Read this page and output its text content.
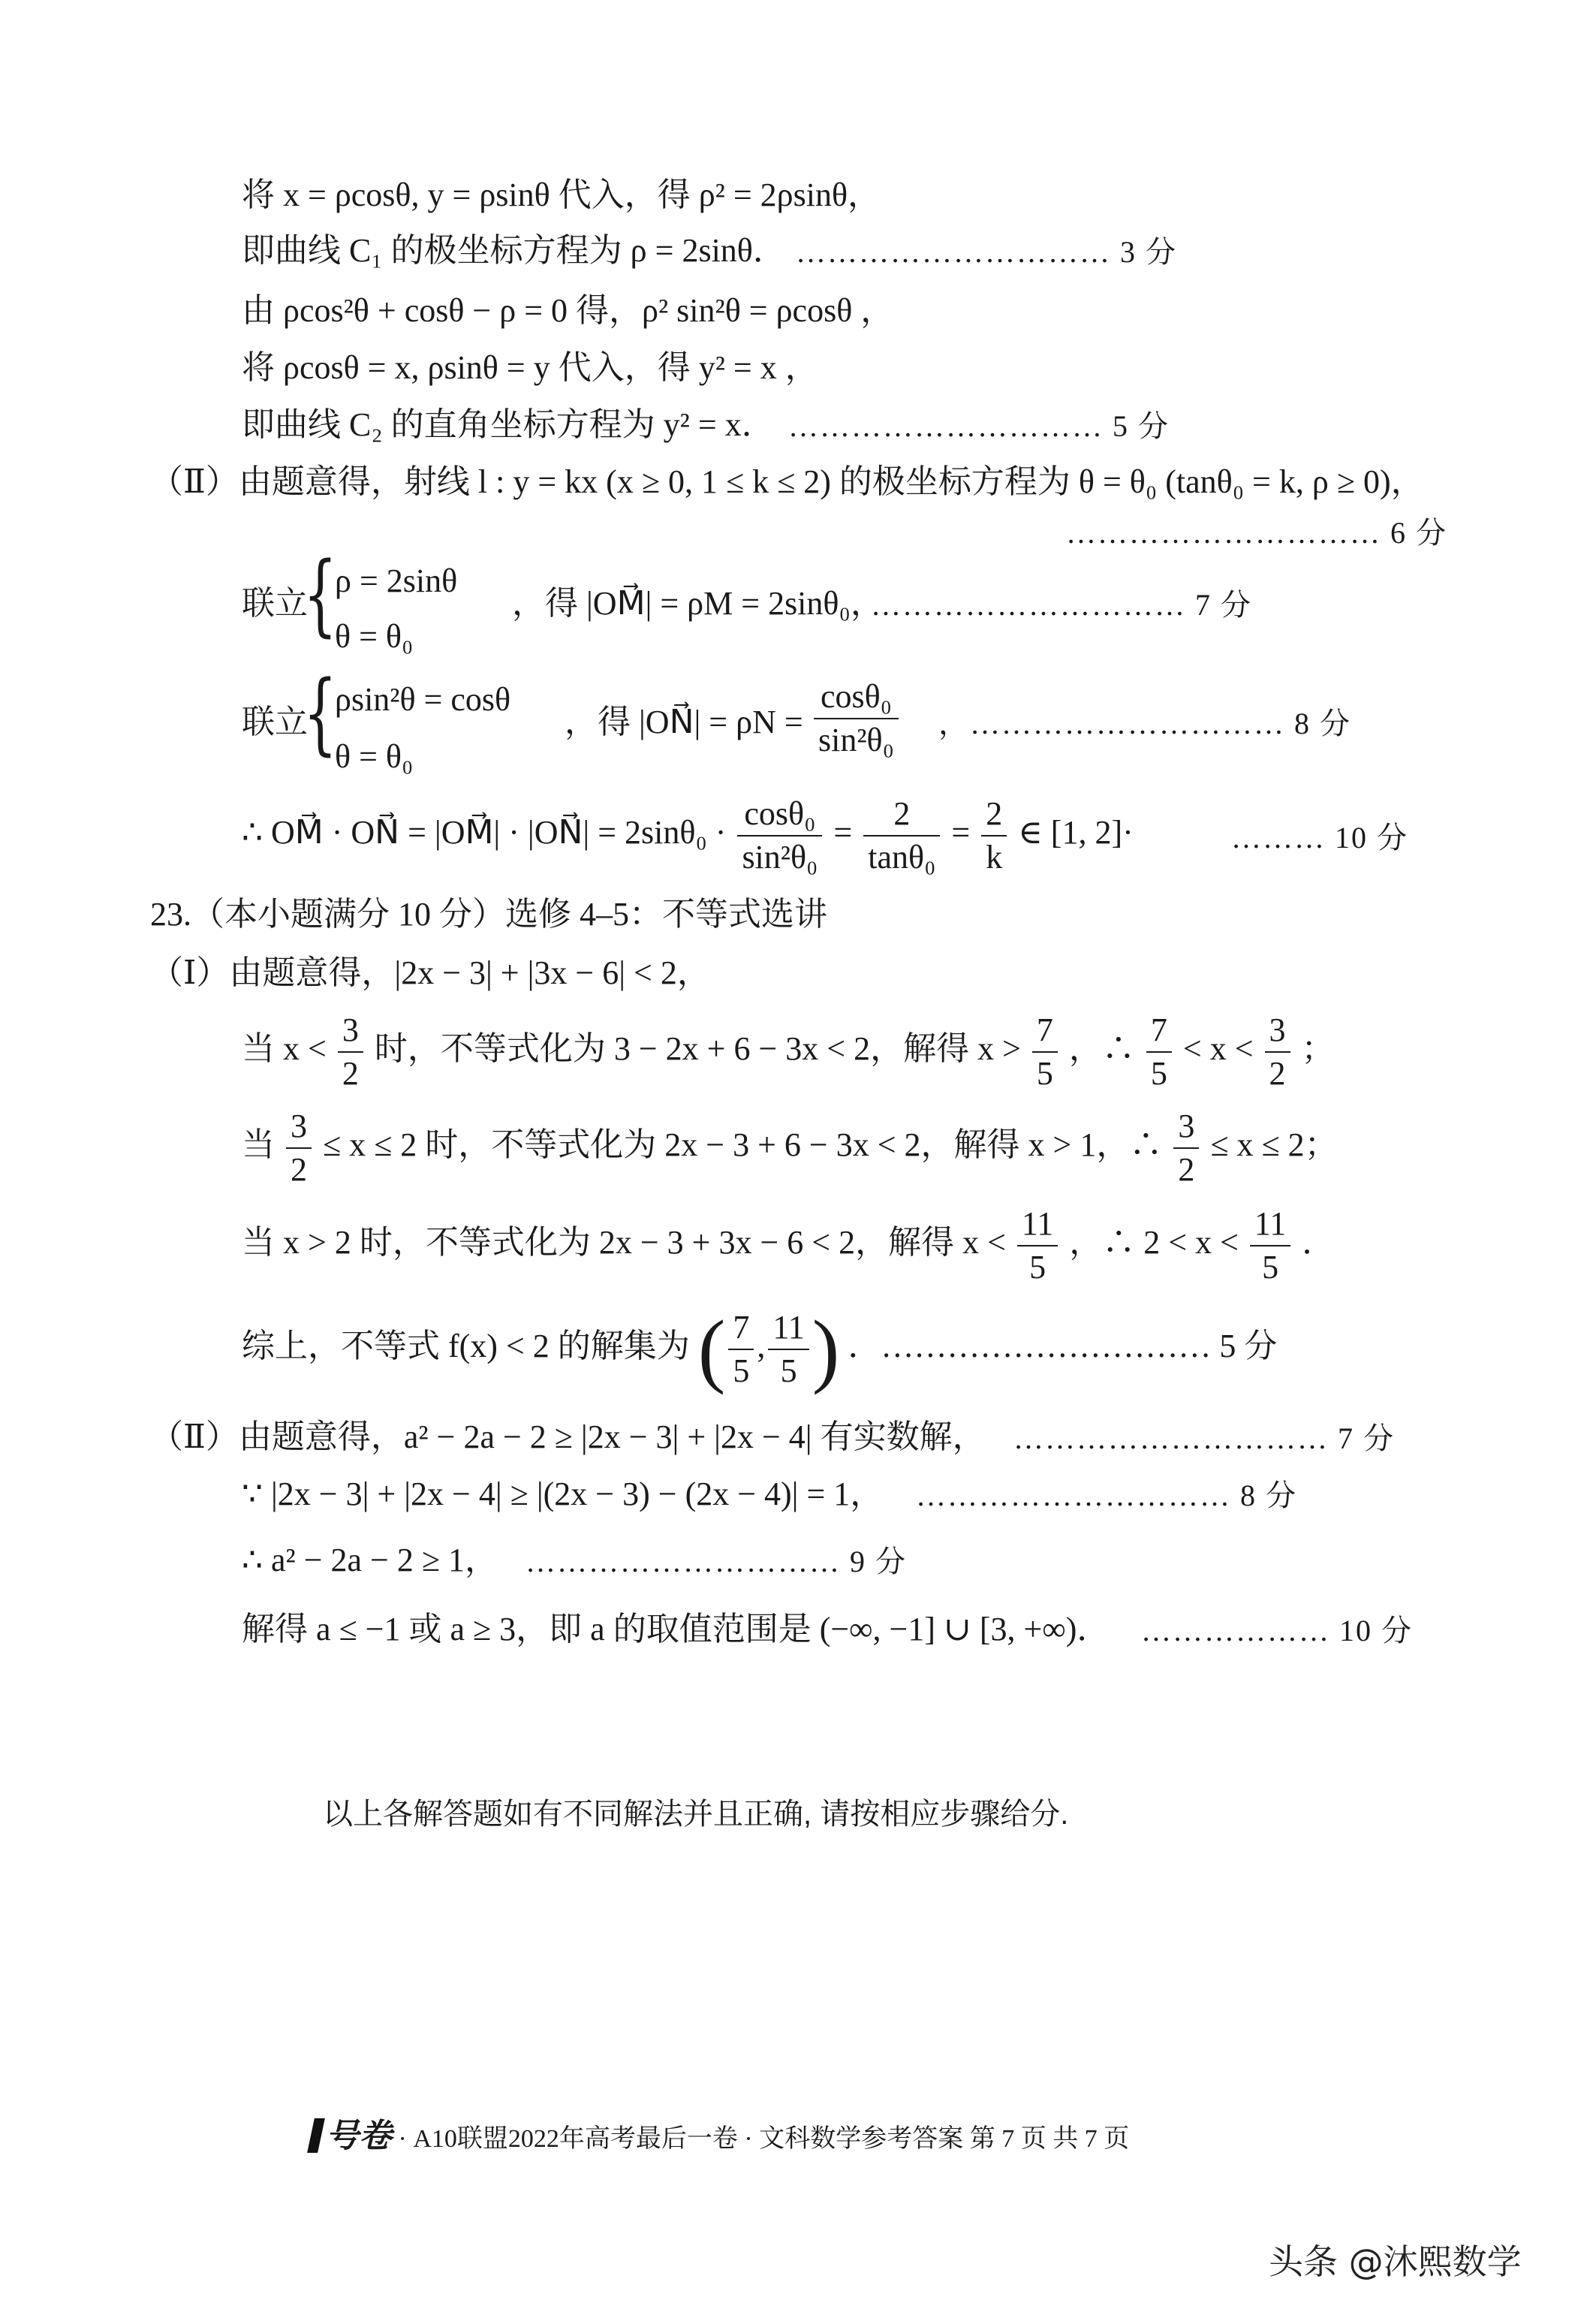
将 x = ρcosθ, y = ρsinθ 代入，得 ρ² = 2ρsinθ，
即曲线 C₁ 的极坐标方程为 ρ = 2sinθ． ………………………… 3 分
由 ρcos²θ + cosθ − ρ = 0 得，ρ² sin²θ = ρcosθ ，
将 ρcosθ = x, ρsinθ = y 代入，得 y² = x ，
即曲线 C₂ 的直角坐标方程为 y² = x． ………………………… 5 分
（Ⅱ）由题意得，射线 l : y = kx (x ≥ 0, 1 ≤ k ≤ 2) 的极坐标方程为 θ = θ₀ (tanθ₀ = k, ρ ≥ 0)，
………………………… 6 分
联立
{
ρ = 2sinθ
θ = θ₀
，得 |OM⃗| = ρM = 2sinθ₀，
………………………… 7 分
联立
{
ρsin²θ = cosθ
θ = θ₀
，得 |ON⃗| = $\rho N = \frac{\text{cosθ₀}}{\text{sin²θ₀}}$ ，………………………… 8 分
∴ OM⃗ · ON⃗ = |OM⃗| · |ON⃗| = $2\sin\theta_0 \cdot \frac{\text{cosθ₀}}{\text{sin²θ₀}} = \frac{2}{\text{tanθ₀}} = \frac{2}{k}$ ∈ [1, 2]·	……… 10 分
23.（本小题满分 10 分）选修 4–5：不等式选讲
（Ⅰ）由题意得，|2x − 3| + |3x − 6| < 2，
当 $x < \frac{3}{2}$ 时，不等式化为 3 − 2x + 6 − 3x < 2，解得 $x > \frac{7}{5}$ ，∴ $\frac{7}{5} < x < \frac{3}{2}$ ；
当 $\frac{3}{2} \le x \le 2$ 时，不等式化为 2x − 3 + 6 − 3x < 2，解得 x > 1，∴ $\frac{3}{2} \le x \le 2$；
当 x > 2 时，不等式化为 2x − 3 + 3x − 6 < 2，解得 $x < \frac{11}{5}$ ，∴ $2 < x < \frac{11}{5}$ ．
综上，不等式 f(x) < 2 的解集为 ( $\frac{7}{5}$ , $\frac{11}{5}$ ) ．………………………… 5 分
（Ⅱ）由题意得，a² − 2a − 2 ≥ |2x − 3| + |2x − 4| 有实数解， ………………………… 7 分
∵ |2x − 3| + |2x − 4| ≥ |(2x − 3) − (2x − 4)| = 1， ………………………… 8 分
∴ a² − 2a − 2 ≥ 1， ………………………… 9 分
解得 a ≤ −1 或 a ≥ 3，即 a 的取值范围是 (−∞, −1] ∪ [3, +∞)． ……………… 10 分
以上各解答题如有不同解法并且正确, 请按相应步骤给分.
号卷 · A10联盟2022年高考最后一卷 · 文科数学参考答案 第 7 页 共 7 页
头条 @沐熙数学
